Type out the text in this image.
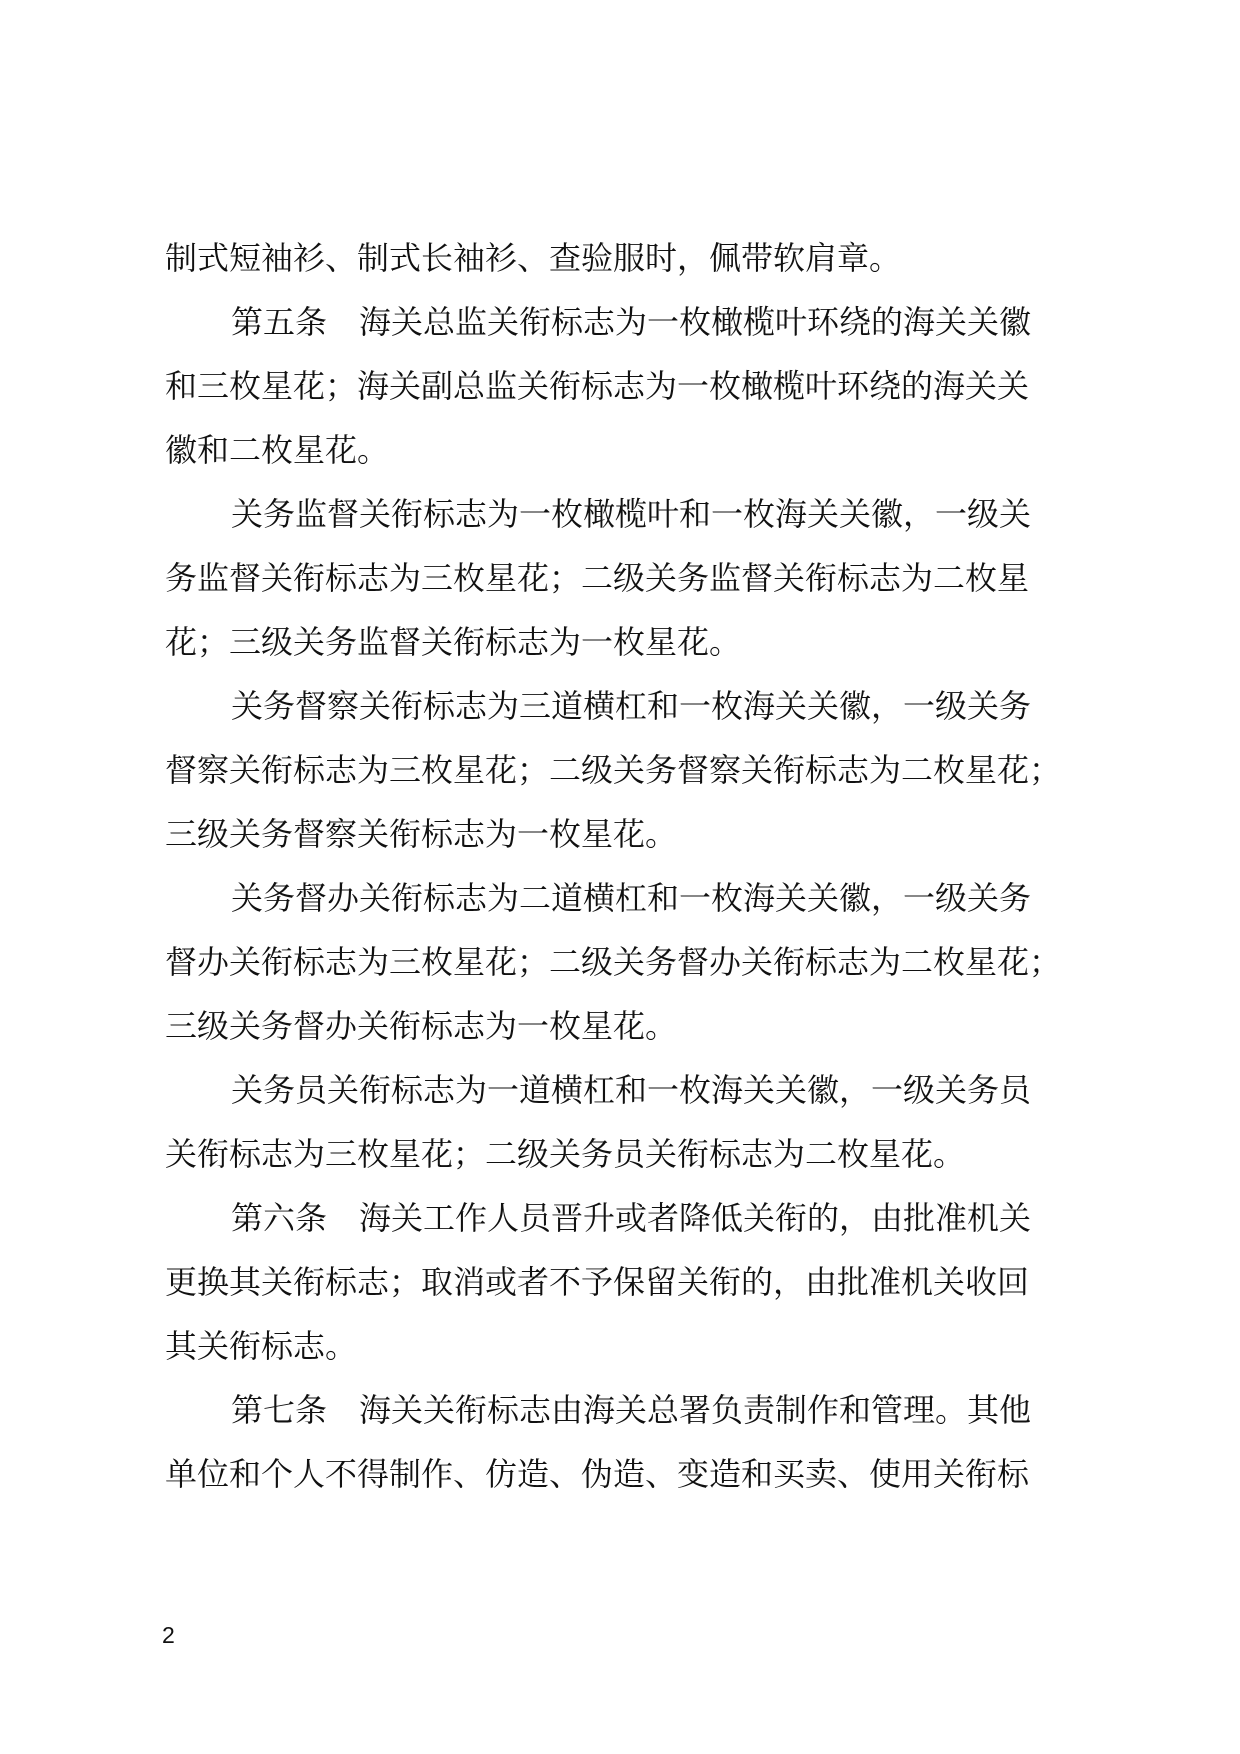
制式短袖衫、制式长袖衫、查验服时，佩带软肩章。
第五条　海关总监关衔标志为一枚橄榄叶环绕的海关关徽
和三枚星花；海关副总监关衔标志为一枚橄榄叶环绕的海关关
徽和二枚星花。
关务监督关衔标志为一枚橄榄叶和一枚海关关徽，一级关
务监督关衔标志为三枚星花；二级关务监督关衔标志为二枚星
花；三级关务监督关衔标志为一枚星花。
关务督察关衔标志为三道横杠和一枚海关关徽，一级关务
督察关衔标志为三枚星花；二级关务督察关衔标志为二枚星花；
三级关务督察关衔标志为一枚星花。
关务督办关衔标志为二道横杠和一枚海关关徽，一级关务
督办关衔标志为三枚星花；二级关务督办关衔标志为二枚星花；
三级关务督办关衔标志为一枚星花。
关务员关衔标志为一道横杠和一枚海关关徽，一级关务员
关衔标志为三枚星花；二级关务员关衔标志为二枚星花。
第六条　海关工作人员晋升或者降低关衔的，由批准机关
更换其关衔标志；取消或者不予保留关衔的，由批准机关收回
其关衔标志。
第七条　海关关衔标志由海关总署负责制作和管理。其他
单位和个人不得制作、仿造、伪造、变造和买卖、使用关衔标
2
